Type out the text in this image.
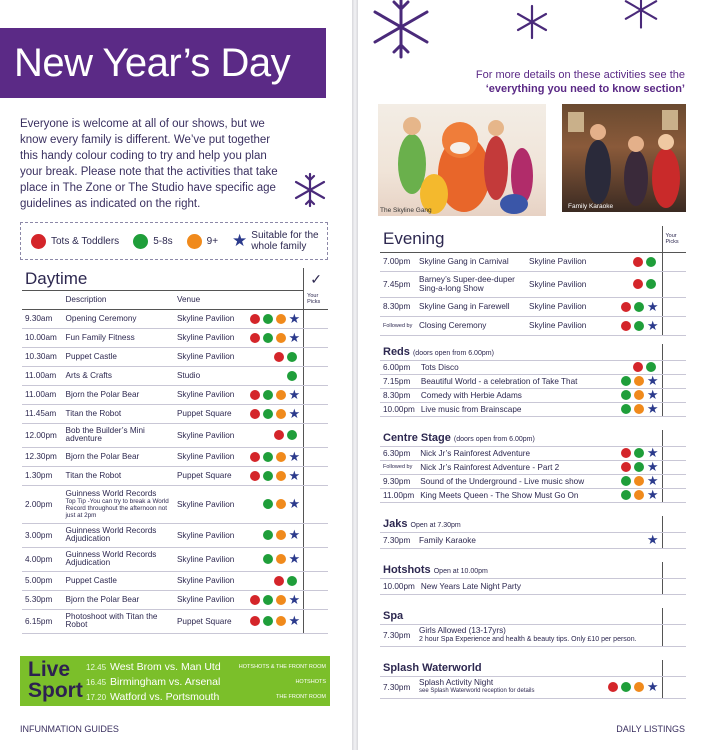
New Year’s Day

Everyone is welcome at all of our shows, but we know every family is different. We’ve put together this handy colour coding to try and help you plan your break. Please note that the activities that take place in The Zone or The Studio have specific age guidelines as indicated on the right.

Tots & Toddlers	5-8s	9+ ★ Suitable for the whole family
Daytime				✓
	Description	Venue		Your Picks
9.30am	Opening Ceremony	Skyline Pavilion	★	
10.00am	Fun Family Fitness	Skyline Pavilion	★	
10.30am	Puppet Castle	Skyline Pavilion		
11.00am	Arts & Crafts	Studio		
11.00am	Bjorn the Polar Bear	Skyline Pavilion	★	
11.45am	Titan the Robot	Puppet Square	★	
12.00pm	Bob the Builder’s Mini adventure	Skyline Pavilion		
12.30pm	Bjorn the Polar Bear	Skyline Pavilion	★	
1.30pm	Titan the Robot	Puppet Square	★	
2.00pm	Guinness World Records
Top Tip -You can try to break a World Record throughout the afternoon not just at 2pm	Skyline Pavilion	★	
3.00pm	Guinness World Records Adjudication	Skyline Pavilion	★	
4.00pm	Guinness World Records Adjudication	Skyline Pavilion	★	
5.00pm	Puppet Castle	Skyline Pavilion		
5.30pm	Bjorn the Polar Bear	Skyline Pavilion	★	
6.15pm	Photoshoot with Titan the Robot	Puppet Square	★	
Live Sport
12.45 West Brom vs. Man Utd	HOTSHOTS & THE FRONT ROOM
16.45 Birmingham vs. Arsenal	HOTSHOTS
17.20 Watford vs. Portsmouth	THE FRONT ROOM
INFUNMATION GUIDES
For more details on these activities see the
‘everything you need to know section’
The Skyline Gang
Family Karaoke
Evening				Your Picks
7.00pm	Skyline Gang in Carnival	Skyline Pavilion		
7.45pm	Barney’s Super-dee-duper Sing-a-long Show	Skyline Pavilion		
8.30pm	Skyline Gang in Farewell	Skyline Pavilion	★	
Followed by	Closing Ceremony	Skyline Pavilion	★	
Reds (doors open from 6.00pm)			
6.00pm	Tots Disco		
7.15pm	Beautiful World - a celebration of Take That	★	
8.30pm	Comedy with Herbie Adams	★	
10.00pm	Live music from Brainscape	★	
Centre Stage (doors open from 6.00pm)			
6.30pm	Nick Jr’s Rainforest Adventure	★	
Followed by	Nick Jr’s Rainforest Adventure - Part 2	★	
9.30pm	Sound of the Underground - Live music show	★	
11.00pm	King Meets Queen - The Show Must Go On	★	
Jaks Open at 7.30pm			
7.30pm	Family Karaoke	★	
Hotshots Open at 10.00pm			
10.00pm	New Years Late Night Party		
Spa		
7.30pm	Girls Allowed (13-17yrs)
2 hour Spa Experience and health & beauty tips. Only £10 per person.	

Splash Waterworld			
7.30pm	Splash Activity Night
see Splash Waterworld reception for details	★	
DAILY LISTINGS
